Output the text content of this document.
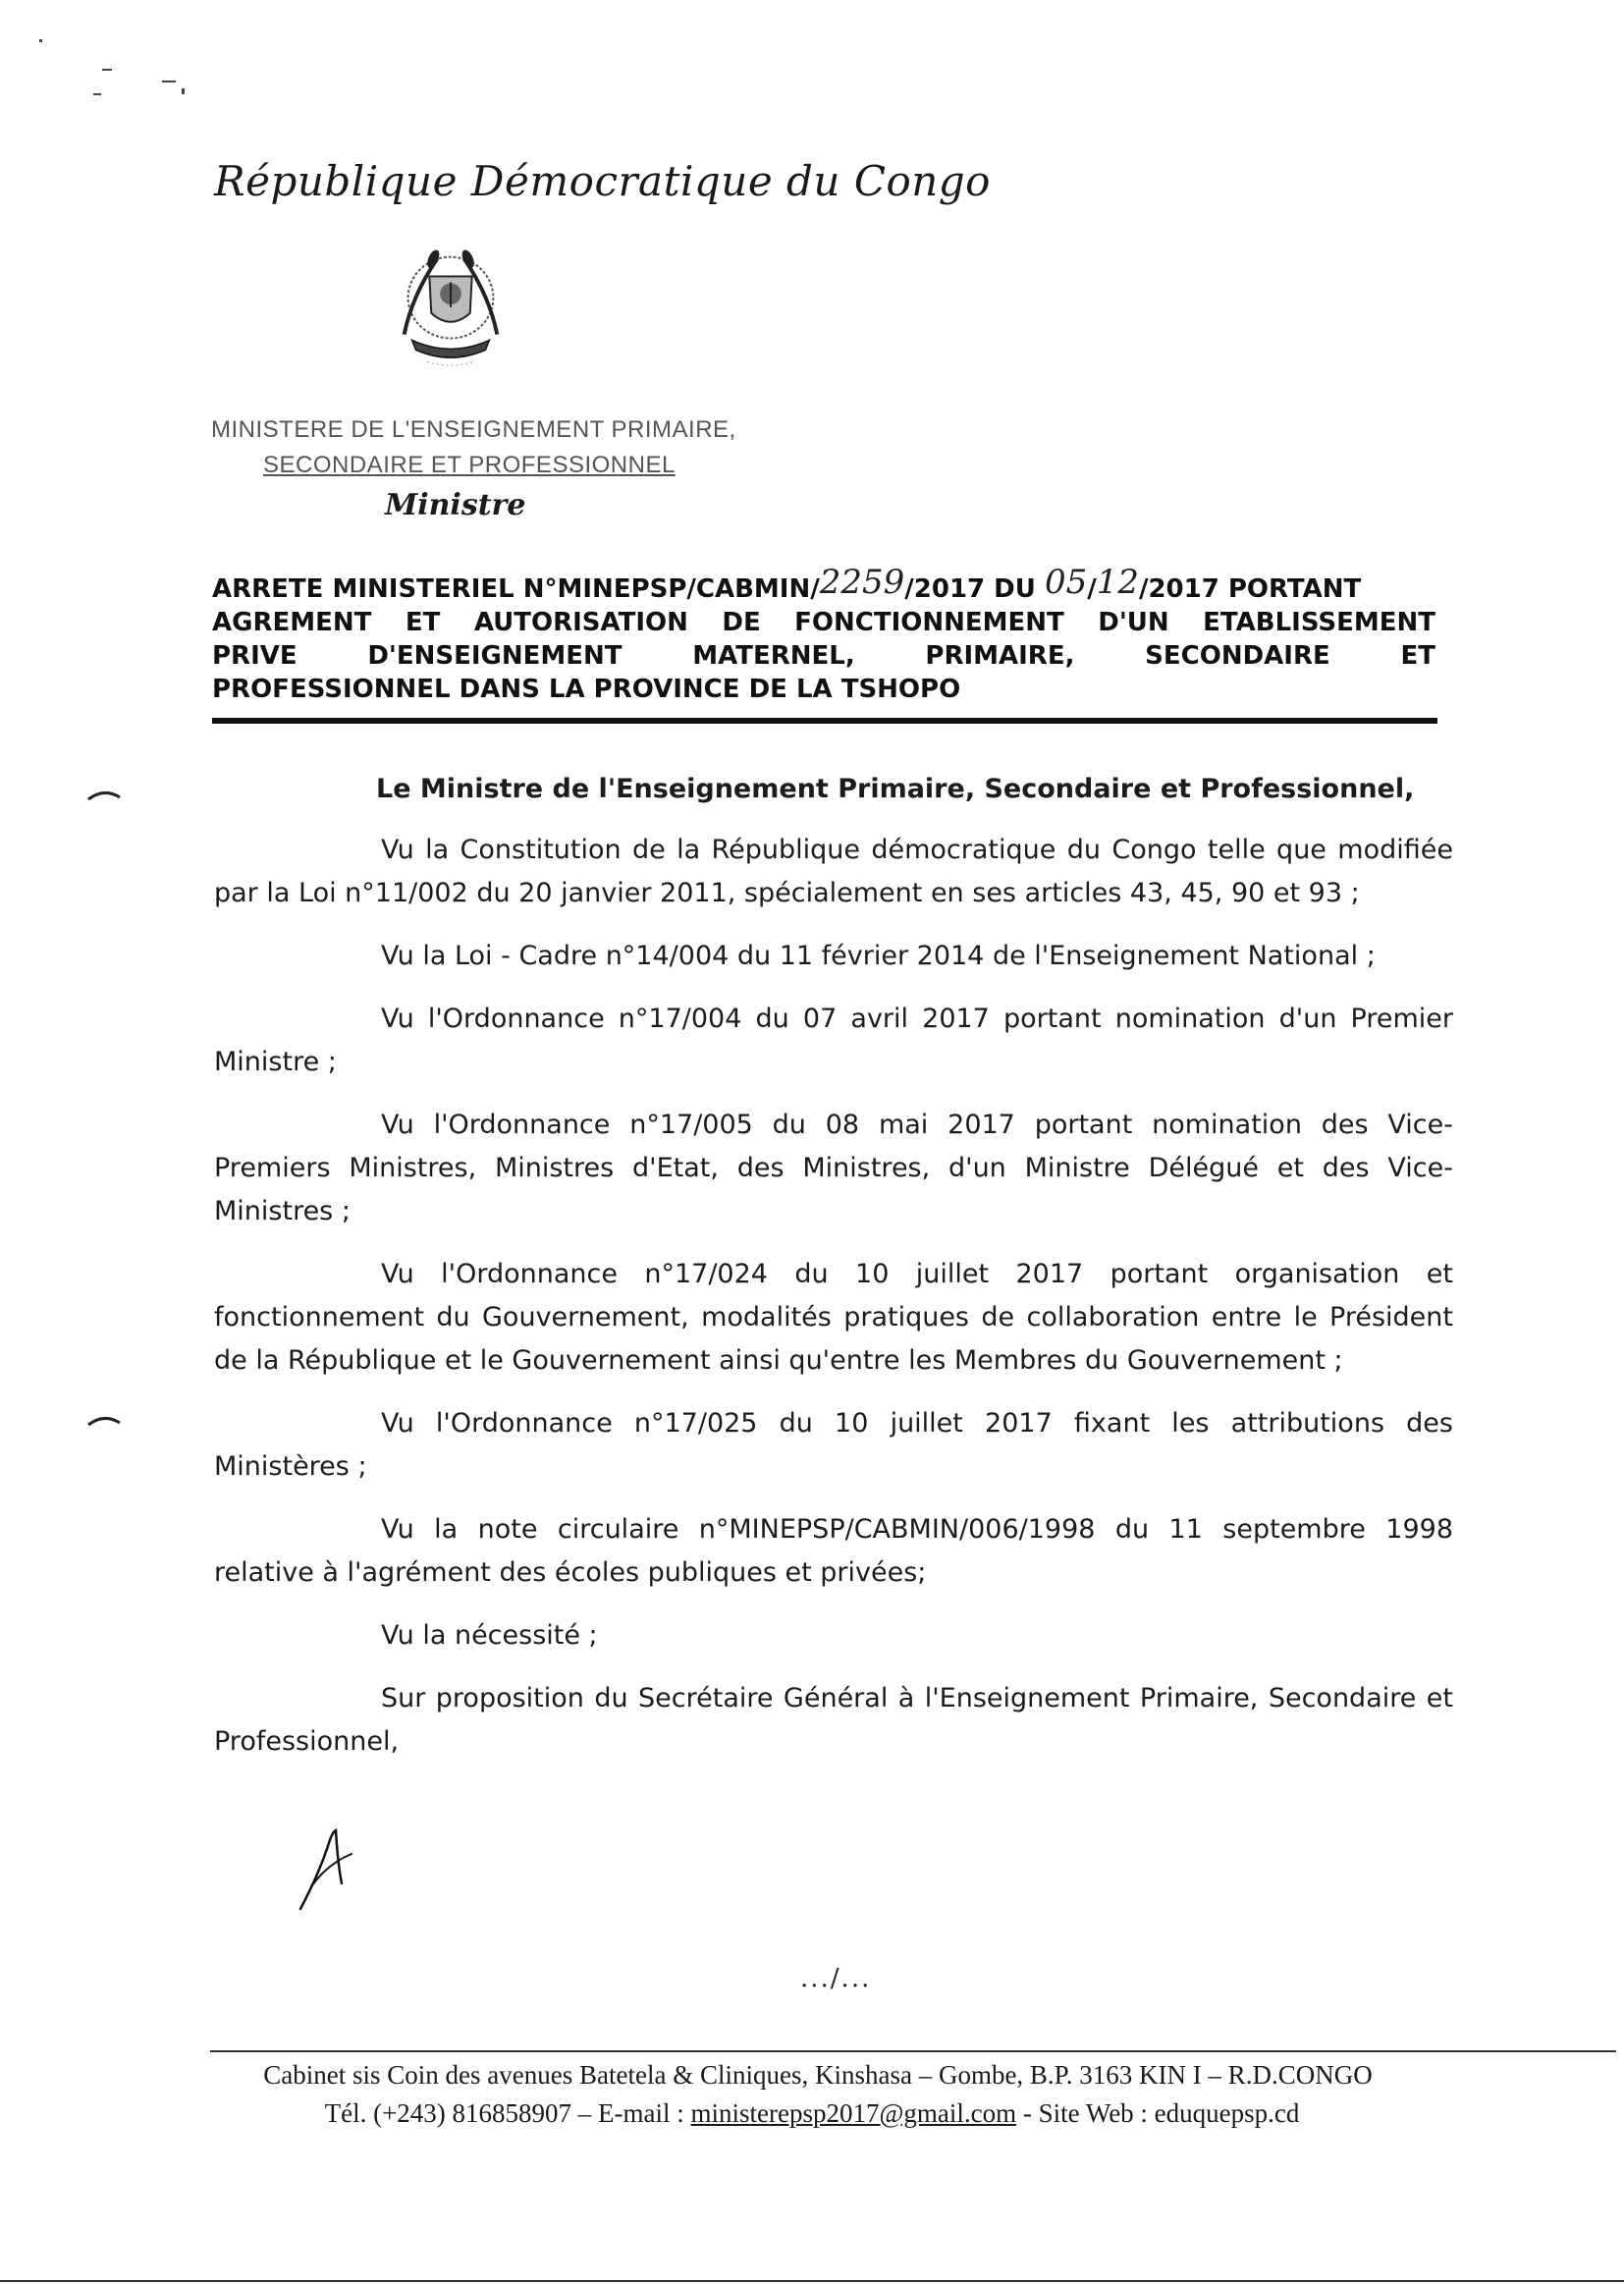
République Démocratique du Congo
MINISTERE DE L'ENSEIGNEMENT PRIMAIRE,
SECONDAIRE ET PROFESSIONNEL
Ministre
ARRETE MINISTERIEL N°MINEPSP/CABMIN/2259/2017 DU 05/12/2017 PORTANT
AGREMENT ET AUTORISATION DE FONCTIONNEMENT D'UN ETABLISSEMENT
PRIVE	D'ENSEIGNEMENT	MATERNEL,	PRIMAIRE,	SECONDAIRE	ET
PROFESSIONNEL DANS LA PROVINCE DE LA TSHOPO
Le Ministre de l'Enseignement Primaire, Secondaire et Professionnel,

Vu la Constitution de la République démocratique du Congo telle que modifiée par la Loi n°11/002 du 20 janvier 2011, spécialement en ses articles 43, 45, 90 et 93 ;

Vu la Loi - Cadre n°14/004 du 11 février 2014 de l'Enseignement National ;

Vu l'Ordonnance n°17/004 du 07 avril 2017 portant nomination d'un Premier Ministre ;

Vu l'Ordonnance n°17/005 du 08 mai 2017 portant nomination des Vice-Premiers Ministres, Ministres d'Etat, des Ministres, d'un Ministre Délégué et des Vice-Ministres ;

Vu l'Ordonnance n°17/024 du 10 juillet 2017 portant organisation et fonctionnement du Gouvernement, modalités pratiques de collaboration entre le Président de la République et le Gouvernement ainsi qu'entre les Membres du Gouvernement ;

Vu l'Ordonnance n°17/025 du 10 juillet 2017 fixant les attributions des Ministères ;

Vu la note circulaire n°MINEPSP/CABMIN/006/1998 du 11 septembre 1998 relative à l'agrément des écoles publiques et privées;

Vu la nécessité ;

Sur proposition du Secrétaire Général à l'Enseignement Primaire, Secondaire et Professionnel,

.../...
Cabinet sis Coin des avenues Batetela & Cliniques, Kinshasa – Gombe, B.P. 3163 KIN I – R.D.CONGO
Tél. (+243) 816858907 – E-mail : ministerepsp2017@gmail.com - Site Web : eduquepsp.cd
